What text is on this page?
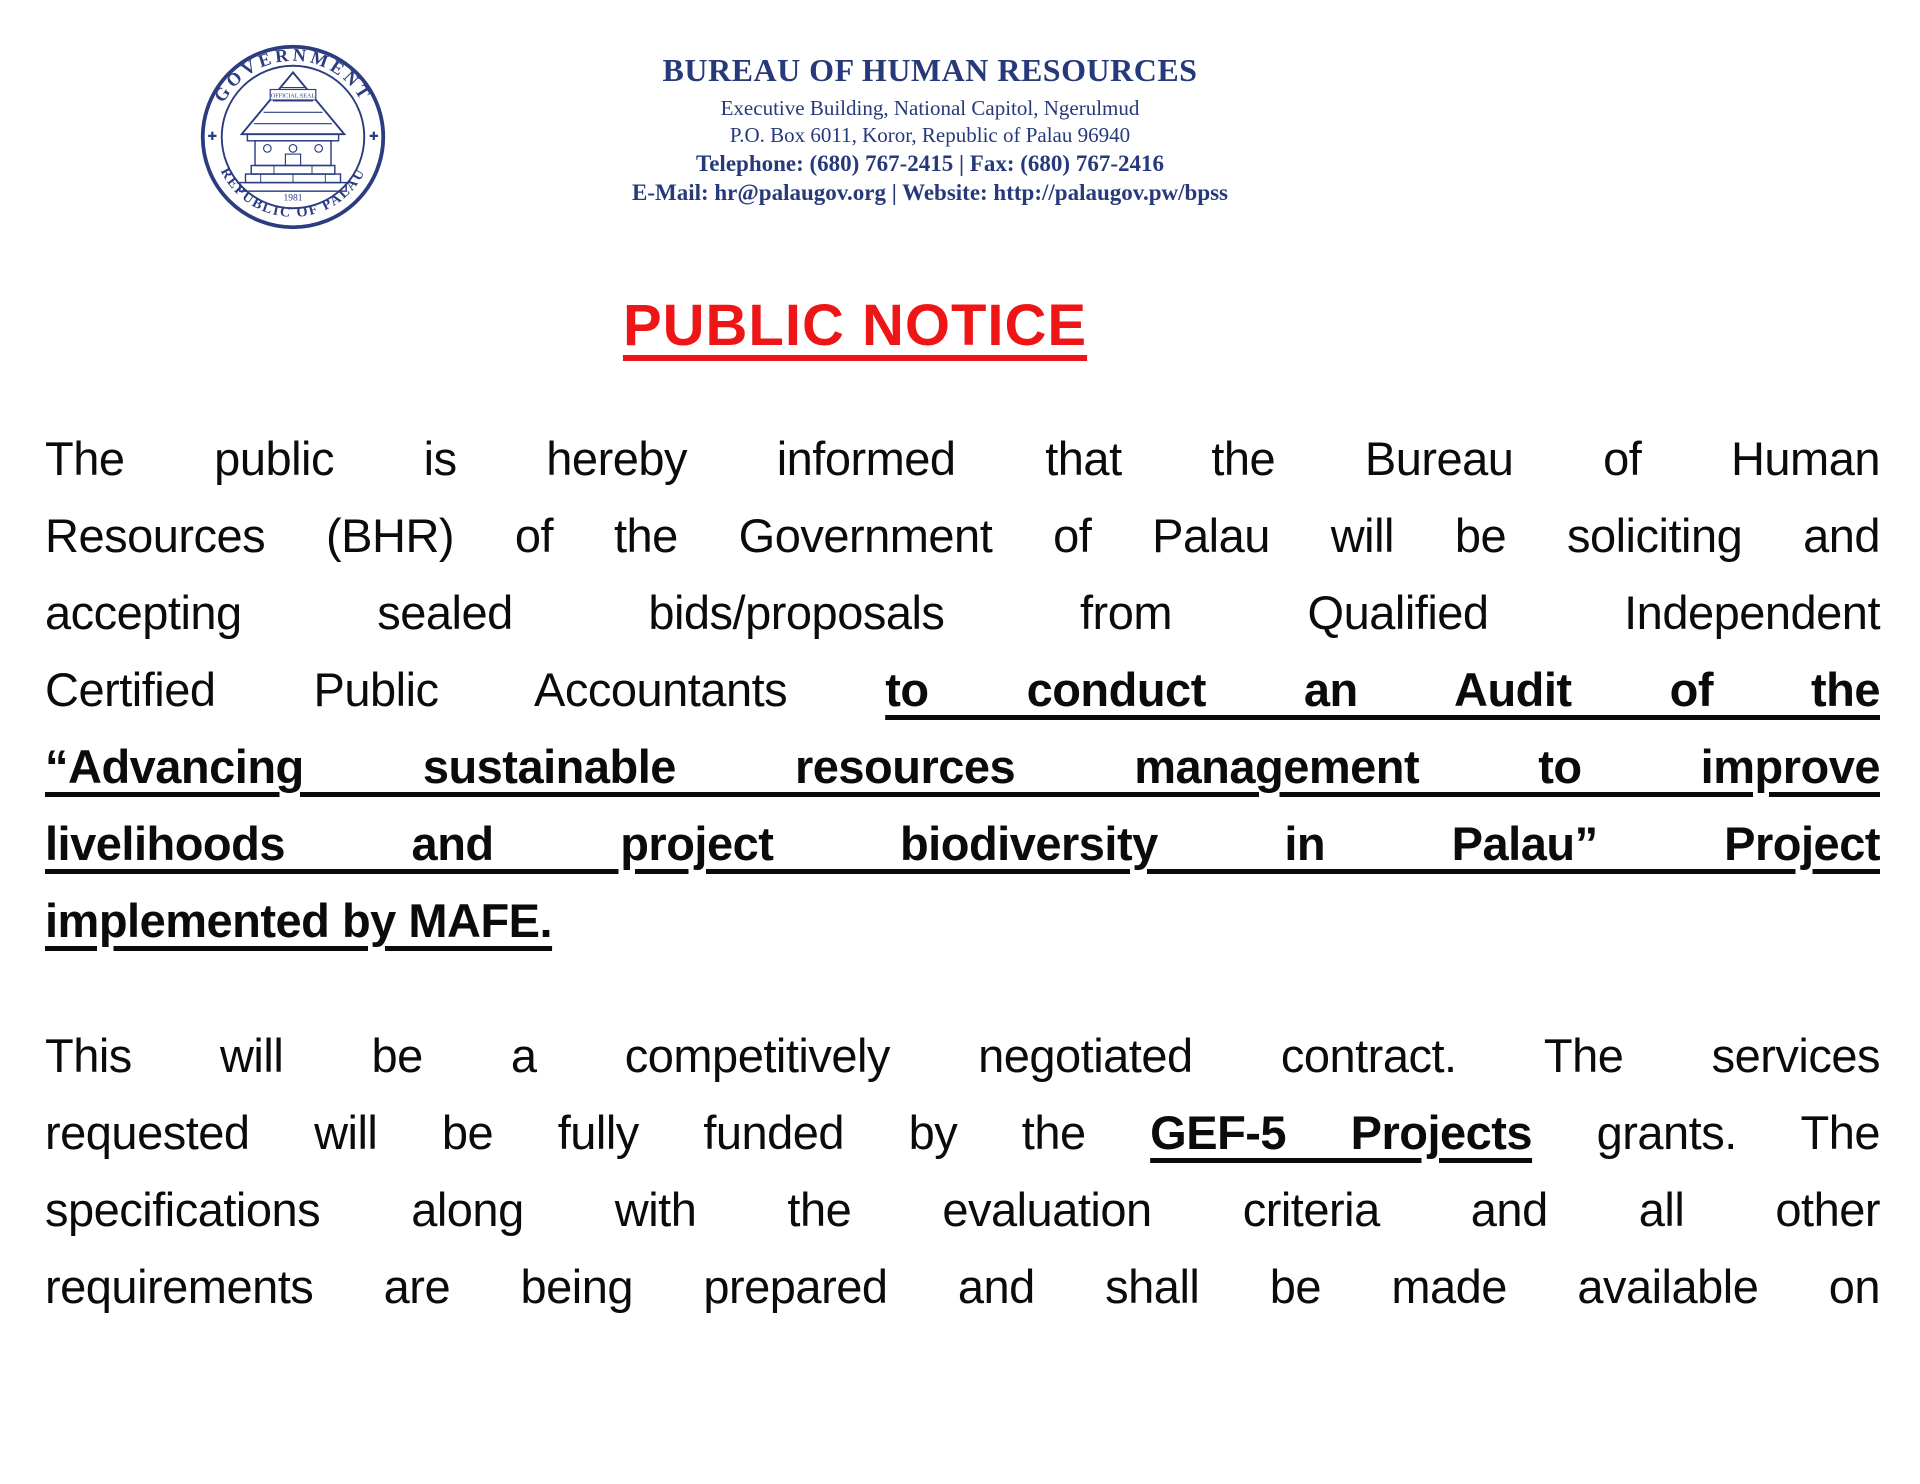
GOVERNMENT
REPUBLIC OF PALAU
✚	✚
OFFICIAL SEAL
1981
BUREAU OF HUMAN RESOURCES
Executive Building, National Capitol, Ngerulmud
P.O. Box 6011, Koror, Republic of Palau 96940
Telephone: (680) 767-2415 | Fax: (680) 767-2416
E-Mail: hr@palaugov.org | Website: http://palaugov.pw/bpss
PUBLIC NOTICE
The public is hereby informed that the Bureau of Human
Resources (BHR) of the Government of Palau will be soliciting and
accepting sealed bids/proposals from Qualified Independent
Certified Public Accountants to conduct an Audit of the
“Advancing sustainable resources management to improve
livelihoods and project biodiversity in Palau” Project
implemented by MAFE.
This will be a competitively negotiated contract. The services
requested will be fully funded by the GEF-5 Projects grants. The
specifications along with the evaluation criteria and all other
requirements are being prepared and shall be made available on
